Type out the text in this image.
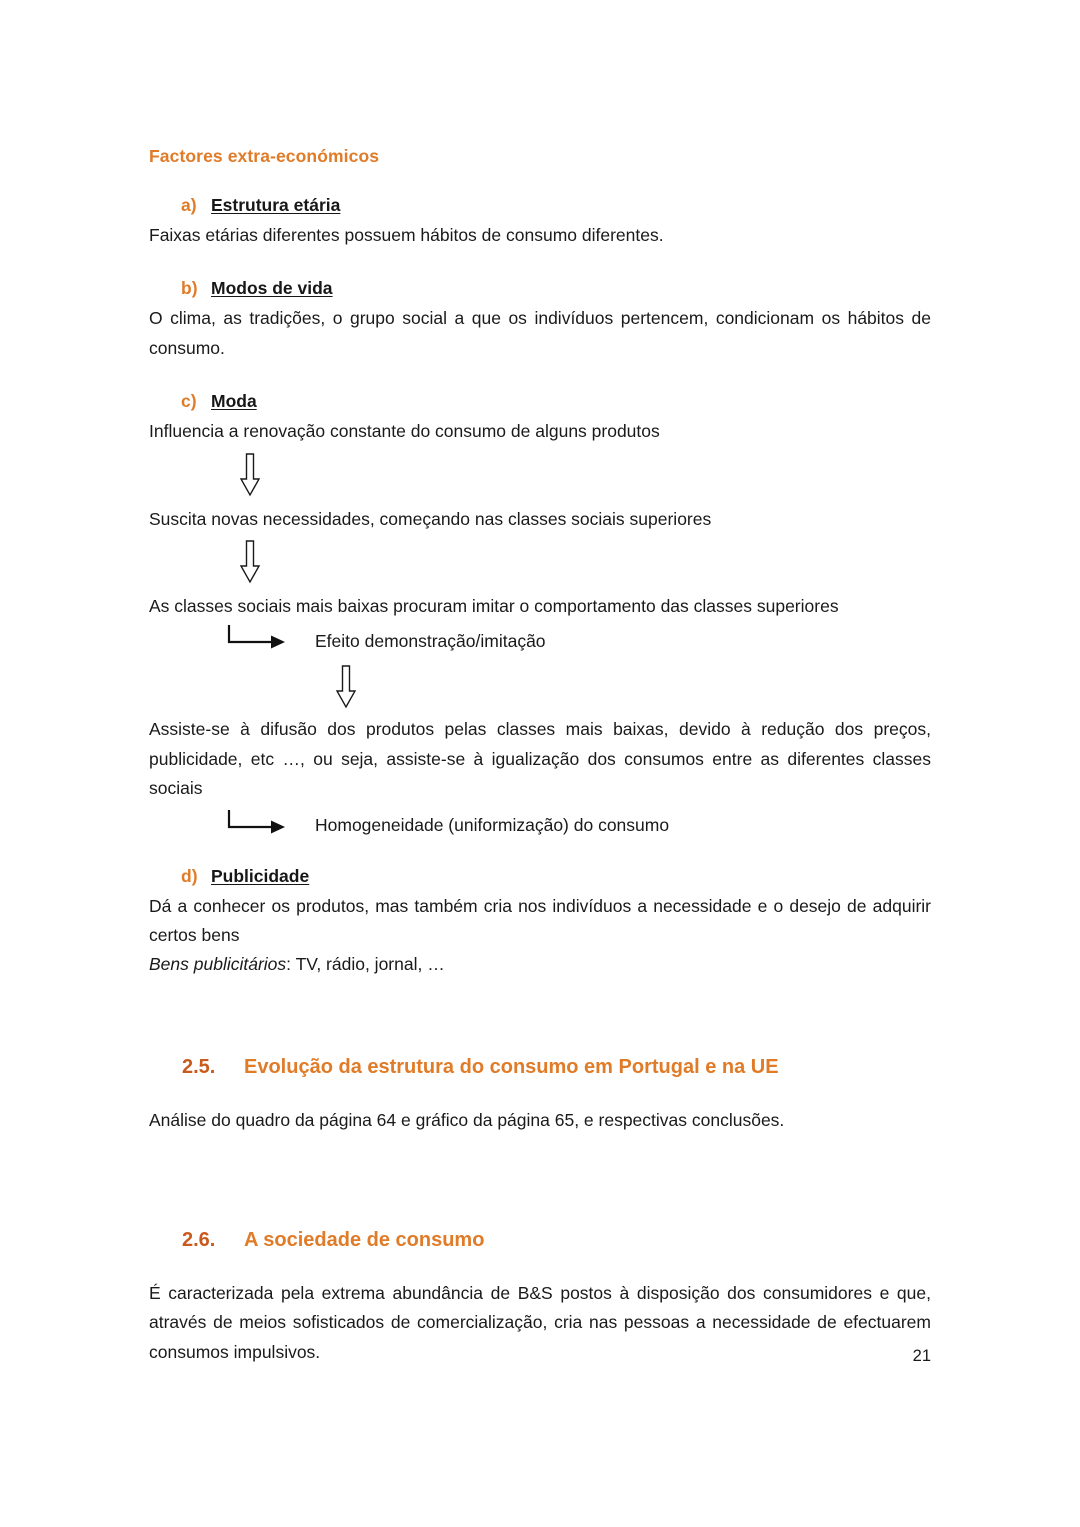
Factores extra-económicos
a) Estrutura etária

Faixas etárias diferentes possuem hábitos de consumo diferentes.

b) Modos de vida

O clima, as tradições, o grupo social a que os indivíduos pertencem, condicionam os hábitos de consumo.

c) Moda

Influencia a renovação constante do consumo de alguns produtos

Suscita novas necessidades, começando nas classes sociais superiores

As classes sociais mais baixas procuram imitar o comportamento das classes superiores

Efeito demonstração/imitação

Assiste-se à difusão dos produtos pelas classes mais baixas, devido à redução dos preços, publicidade, etc …, ou seja, assiste-se à igualização dos consumos entre as diferentes classes sociais

Homogeneidade (uniformização) do consumo
d) Publicidade

Dá a conhecer os produtos, mas também cria nos indivíduos a necessidade e o desejo de adquirir certos bens

Bens publicitários: TV, rádio, jornal, …

2.5.	Evolução da estrutura do consumo em Portugal e na UE

Análise do quadro da página 64 e gráfico da página 65, e respectivas conclusões.

2.6.	A sociedade de consumo

É caracterizada pela extrema abundância de B&S postos à disposição dos consumidores e que, através de meios sofisticados de comercialização, cria nas pessoas a necessidade de efectuarem consumos impulsivos.	21
